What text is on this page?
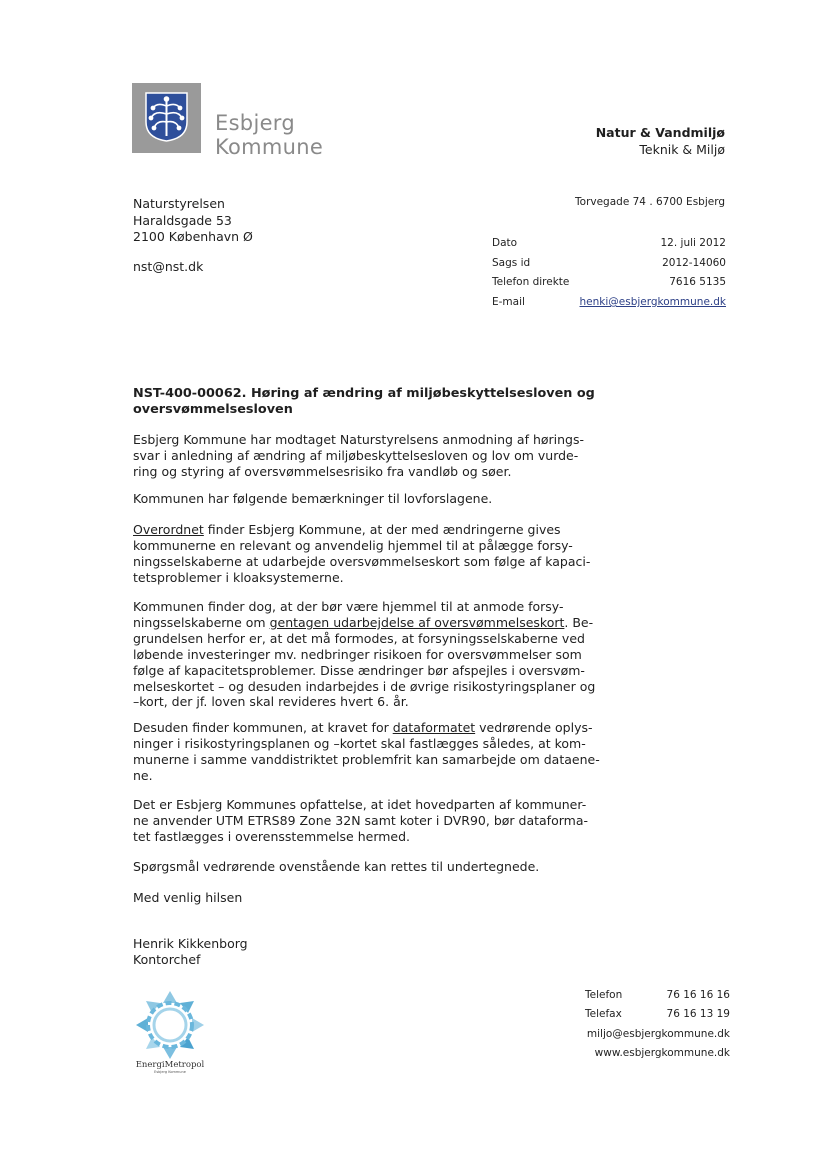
Esbjerg
Kommune
Natur & Vandmiljø
Teknik & Miljø
Naturstyrelsen
Haraldsgade 53
2100 København Ø
nst@nst.dk
Torvegade 74 . 6700 Esbjerg
Dato	12. juli 2012
Sags id	2012-14060
Telefon direkte	7616 5135
E-mail	henki@esbjergkommune.dk
NST-400-00062. Høring af ændring af miljøbeskyttelsesloven og oversvømmelsesloven

Esbjerg Kommune har modtaget Naturstyrelsens anmodning af hørings-

svar i anledning af ændring af miljøbeskyttelsesloven og lov om vurde-

ring og styring af oversvømmelsesrisiko fra vandløb og søer.

Kommunen har følgende bemærkninger til lovforslagene.

Overordnet finder Esbjerg Kommune, at der med ændringerne gives

kommunerne en relevant og anvendelig hjemmel til at pålægge forsy-

ningsselskaberne at udarbejde oversvømmelseskort som følge af kapaci-

tetsproblemer i kloaksystemerne.

Kommunen finder dog, at der bør være hjemmel til at anmode forsy-

ningsselskaberne om gentagen udarbejdelse af oversvømmelseskort. Be-

grundelsen herfor er, at det må formodes, at forsyningsselskaberne ved

løbende investeringer mv. nedbringer risikoen for oversvømmelser som

følge af kapacitetsproblemer. Disse ændringer bør afspejles i oversvøm-

melseskortet – og desuden indarbejdes i de øvrige risikostyringsplaner og

–kort, der jf. loven skal revideres hvert 6. år.

Desuden finder kommunen, at kravet for dataformatet vedrørende oplys-

ninger i risikostyringsplanen og –kortet skal fastlægges således, at kom-

munerne i samme vanddistriktet problemfrit kan samarbejde om dataene-

ne.

Det er Esbjerg Kommunes opfattelse, at idet hovedparten af kommuner-

ne anvender UTM ETRS89 Zone 32N samt koter i DVR90, bør dataforma-

tet fastlægges i overensstemmelse hermed.

Spørgsmål vedrørende ovenstående kan rettes til undertegnede.

Med venlig hilsen

Henrik Kikkenborg
Kontorchef
EnergiMetropol
Esbjerg Kommune
Telefon	76 16 16 16
Telefax	76 16 13 19
miljo@esbjergkommune.dk
www.esbjergkommune.dk
